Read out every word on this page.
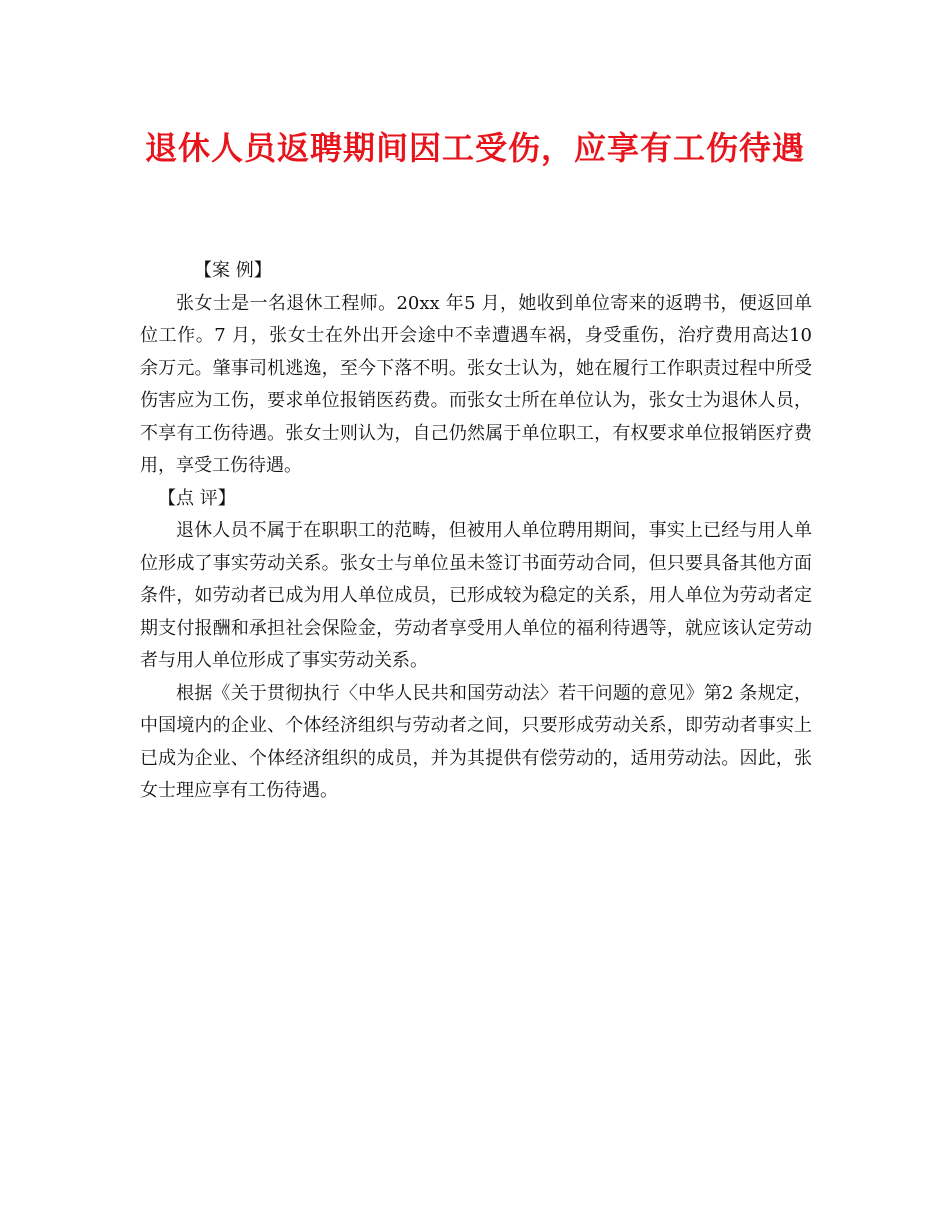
退休人员返聘期间因工受伤，应享有工伤待遇

【案 例】

张女士是一名退休工程师。20xx 年5 月，她收到单位寄来的返聘书，便返回单位工作。7 月，张女士在外出开会途中不幸遭遇车祸，身受重伤，治疗费用高达10 余万元。肇事司机逃逸，至今下落不明。张女士认为，她在履行工作职责过程中所受伤害应为工伤，要求单位报销医药费。而张女士所在单位认为，张女士为退休人员，不享有工伤待遇。张女士则认为，自己仍然属于单位职工，有权要求单位报销医疗费用，享受工伤待遇。

【点 评】

退休人员不属于在职职工的范畴，但被用人单位聘用期间，事实上已经与用人单位形成了事实劳动关系。张女士与单位虽未签订书面劳动合同，但只要具备其他方面条件，如劳动者已成为用人单位成员，已形成较为稳定的关系，用人单位为劳动者定期支付报酬和承担社会保险金，劳动者享受用人单位的福利待遇等，就应该认定劳动者与用人单位形成了事实劳动关系。

根据《关于贯彻执行〈中华人民共和国劳动法〉若干问题的意见》第2 条规定，中国境内的企业、个体经济组织与劳动者之间，只要形成劳动关系，即劳动者事实上已成为企业、个体经济组织的成员，并为其提供有偿劳动的，适用劳动法。因此，张女士理应享有工伤待遇。
